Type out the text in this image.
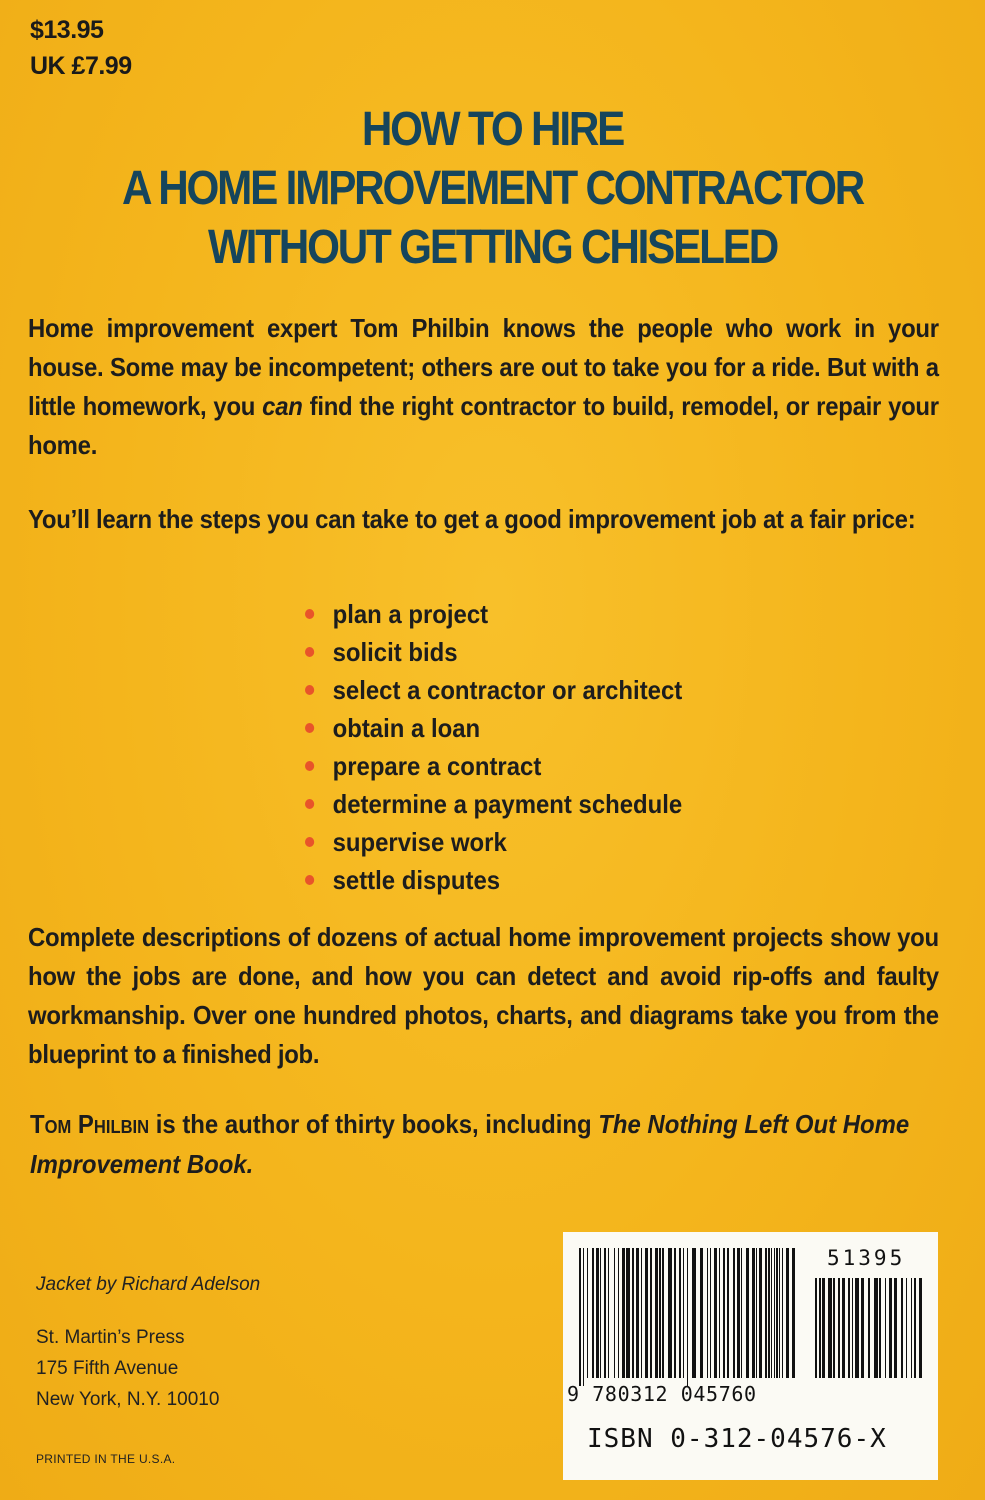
$13.95
UK £7.99
HOW TO HIRE
A HOME IMPROVEMENT CONTRACTOR
WITHOUT GETTING CHISELED
Home improvement expert Tom Philbin knows the people who work in your house. Some may be incompetent; others are out to take you for a ride. But with a little homework, you can find the right contractor to build, remodel, or repair your home.
You’ll learn the steps you can take to get a good improvement job at a fair price:
plan a project
solicit bids
select a contractor or architect
obtain a loan
prepare a contract
determine a payment schedule
supervise work
settle disputes
Complete descriptions of dozens of actual home improvement projects show you how the jobs are done, and how you can detect and avoid rip-offs and faulty workmanship. Over one hundred photos, charts, and diagrams take you from the blueprint to a finished job.
Tom Philbin is the author of thirty books, including The Nothing Left Out Home Improvement Book.
Jacket by Richard Adelson
St. Martin’s Press
175 Fifth Avenue
New York, N.Y. 10010
PRINTED IN THE U.S.A.
51395
9 780312 045760
ISBN 0-312-04576-X
